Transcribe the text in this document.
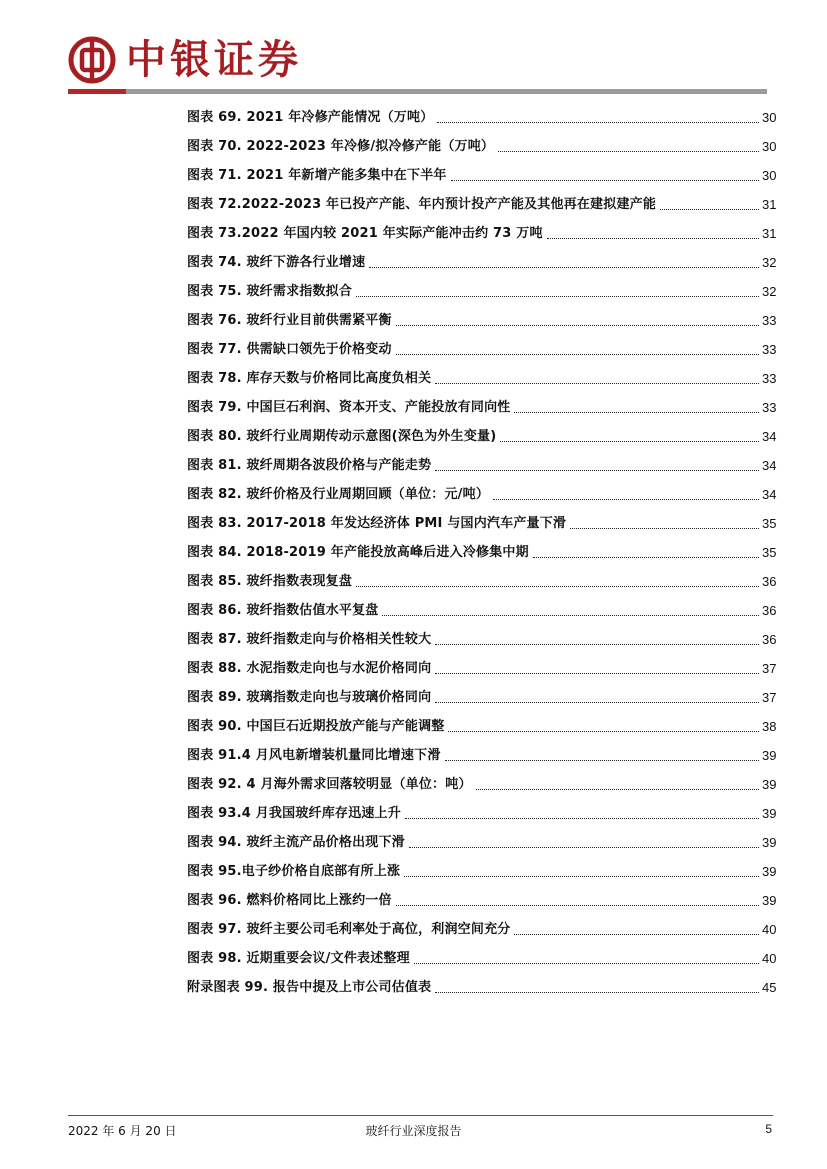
中银证券
图表 69. 2021 年冷修产能情况（万吨）	30
图表 70. 2022-2023 年冷修/拟冷修产能（万吨）	30
图表 71. 2021 年新增产能多集中在下半年	30
图表 72.2022-2023 年已投产产能、年内预计投产产能及其他再在建拟建产能	31
图表 73.2022 年国内较 2021 年实际产能冲击约 73 万吨	31
图表 74. 玻纤下游各行业增速	32
图表 75. 玻纤需求指数拟合	32
图表 76. 玻纤行业目前供需紧平衡	33
图表 77. 供需缺口领先于价格变动	33
图表 78. 库存天数与价格同比高度负相关	33
图表 79. 中国巨石利润、资本开支、产能投放有同向性	33
图表 80. 玻纤行业周期传动示意图(深色为外生变量)	34
图表 81. 玻纤周期各波段价格与产能走势	34
图表 82. 玻纤价格及行业周期回顾（单位：元/吨）	34
图表 83. 2017-2018 年发达经济体 PMI 与国内汽车产量下滑	35
图表 84. 2018-2019 年产能投放高峰后进入冷修集中期	35
图表 85. 玻纤指数表现复盘	36
图表 86. 玻纤指数估值水平复盘	36
图表 87. 玻纤指数走向与价格相关性较大	36
图表 88. 水泥指数走向也与水泥价格同向	37
图表 89. 玻璃指数走向也与玻璃价格同向	37
图表 90. 中国巨石近期投放产能与产能调整	38
图表 91.4 月风电新增装机量同比增速下滑	39
图表 92. 4 月海外需求回落较明显（单位：吨）	39
图表 93.4 月我国玻纤库存迅速上升	39
图表 94. 玻纤主流产品价格出现下滑	39
图表 95.电子纱价格自底部有所上涨	39
图表 96. 燃料价格同比上涨约一倍	39
图表 97. 玻纤主要公司毛利率处于高位，利润空间充分	40
图表 98. 近期重要会议/文件表述整理	40
附录图表 99. 报告中提及上市公司估值表	45
2022 年 6 月 20 日	玻纤行业深度报告	5
